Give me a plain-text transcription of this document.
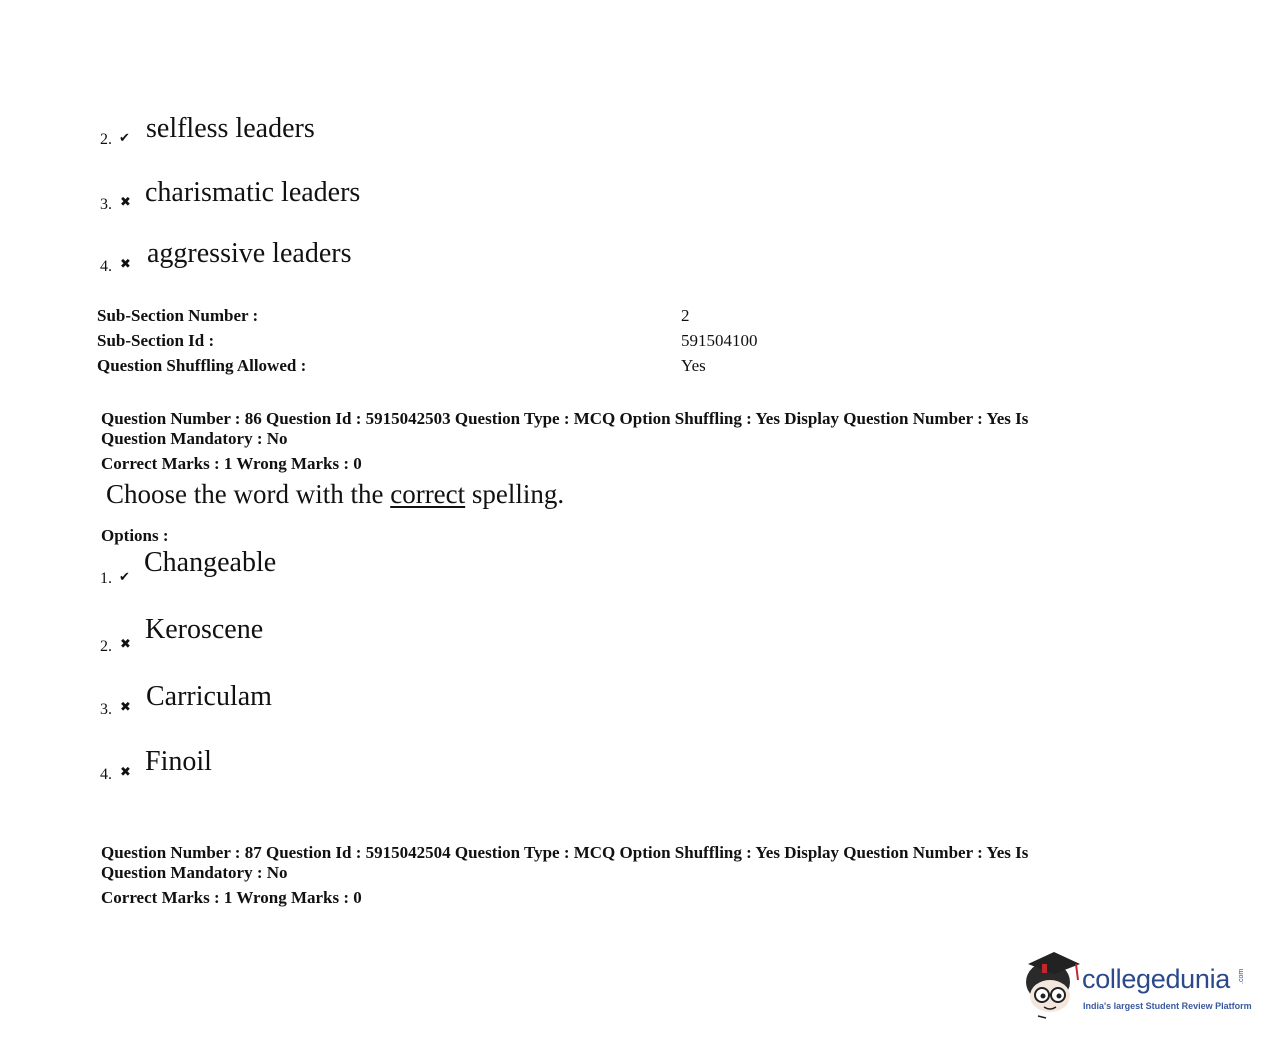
2. ✔ selfless leaders
3. ✖ charismatic leaders
4. ✖ aggressive leaders
Sub-Section Number :	2
Sub-Section Id :	591504100
Question Shuffling Allowed :	Yes
Question Number : 86 Question Id : 5915042503 Question Type : MCQ Option Shuffling : Yes Display Question Number : Yes Is
Question Mandatory : No
Correct Marks : 1 Wrong Marks : 0
Choose the word with the correct spelling.
Options :
1. ✔ Changeable
2. ✖ Keroscene
3. ✖ Carriculam
4. ✖ Finoil
Question Number : 87 Question Id : 5915042504 Question Type : MCQ Option Shuffling : Yes Display Question Number : Yes Is
Question Mandatory : No
Correct Marks : 1 Wrong Marks : 0
collegedunia .com
India's largest Student Review Platform
